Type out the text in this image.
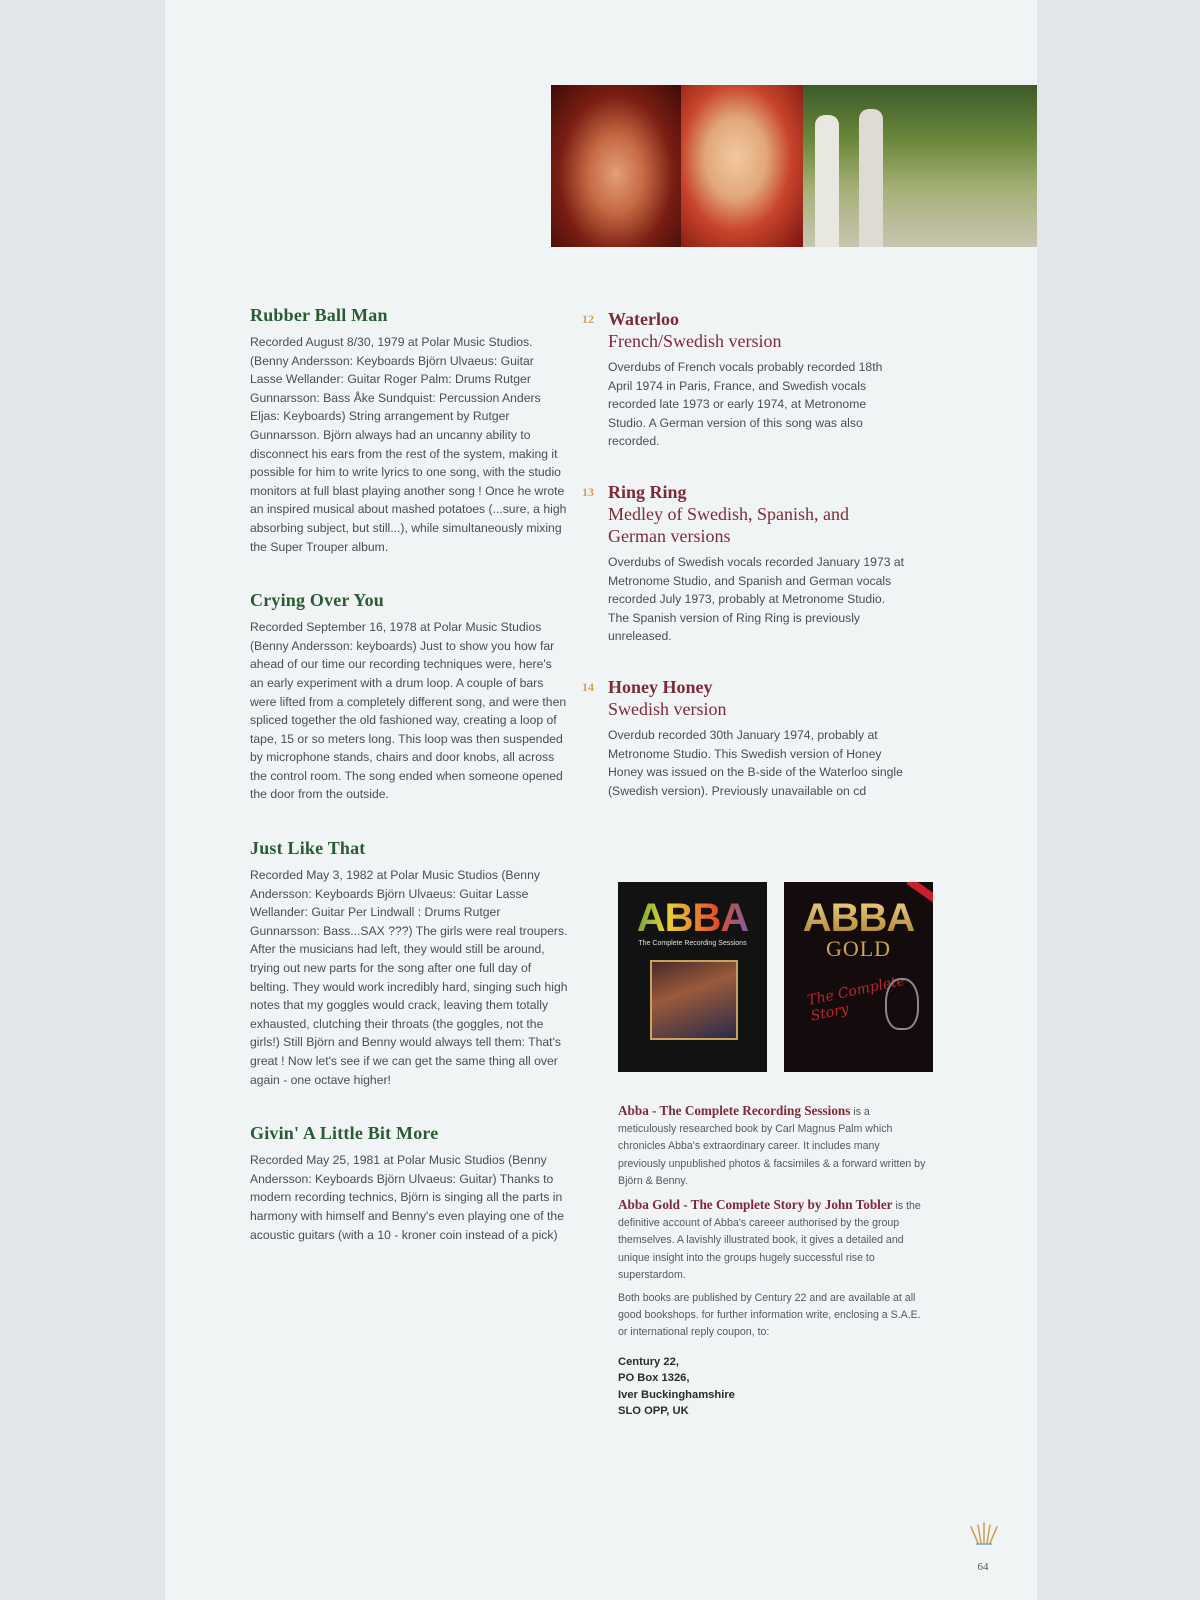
Rubber Ball Man

Recorded August 8/30, 1979 at Polar Music Studios. (Benny Andersson: Keyboards Björn Ulvaeus: Guitar Lasse Wellander: Guitar Roger Palm: Drums Rutger Gunnarsson: Bass Åke Sundquist: Percussion Anders Eljas: Keyboards) String arrangement by Rutger Gunnarsson. Björn always had an uncanny ability to disconnect his ears from the rest of the system, making it possible for him to write lyrics to one song, with the studio monitors at full blast playing another song ! Once he wrote an inspired musical about mashed potatoes (...sure, a high absorbing subject, but still...), while simultaneously mixing the Super Trouper album.

Crying Over You

Recorded September 16, 1978 at Polar Music Studios (Benny Andersson: keyboards) Just to show you how far ahead of our time our recording techniques were, here's an early experiment with a drum loop. A couple of bars were lifted from a completely different song, and were then spliced together the old fashioned way, creating a loop of tape, 15 or so meters long. This loop was then suspended by microphone stands, chairs and door knobs, all across the control room. The song ended when someone opened the door from the outside.

Just Like That

Recorded May 3, 1982 at Polar Music Studios (Benny Andersson: Keyboards Björn Ulvaeus: Guitar Lasse Wellander: Guitar Per Lindwall : Drums Rutger Gunnarsson: Bass...SAX ???) The girls were real troupers. After the musicians had left, they would still be around, trying out new parts for the song after one full day of belting. They would work incredibly hard, singing such high notes that my goggles would crack, leaving them totally exhausted, clutching their throats (the goggles, not the girls!) Still Björn and Benny would always tell them: That's great ! Now let's see if we can get the same thing all over again - one octave higher!

Givin' A Little Bit More

Recorded May 25, 1981 at Polar Music Studios (Benny Andersson: Keyboards Björn Ulvaeus: Guitar) Thanks to modern recording technics, Björn is singing all the parts in harmony with himself and Benny's even playing one of the acoustic guitars (with a 10 - kroner coin instead of a pick)

12 Waterloo
French/Swedish version

Overdubs of French vocals probably recorded 18th April 1974 in Paris, France, and Swedish vocals recorded late 1973 or early 1974, at Metronome Studio. A German version of this song was also recorded.

13 Ring Ring
Medley of Swedish, Spanish, and German versions

Overdubs of Swedish vocals recorded January 1973 at Metronome Studio, and Spanish and German vocals recorded July 1973, probably at Metronome Studio. The Spanish version of Ring Ring is previously unreleased.

14 Honey Honey
Swedish version

Overdub recorded 30th January 1974, probably at Metronome Studio. This Swedish version of Honey Honey was issued on the B-side of the Waterloo single (Swedish version). Previously unavailable on cd

ABBA
The Complete Recording Sessions
ABBA
GOLD
The Complete Story

Abba - The Complete Recording Sessions is a meticulously researched book by Carl Magnus Palm which chronicles Abba's extraordinary career. It includes many previously unpublished photos & facsimiles & a forward written by Björn & Benny.

Abba Gold - The Complete Story by John Tobler is the definitive account of Abba's careeer authorised by the group themselves. A lavishly illustrated book, it gives a detailed and unique insight into the groups hugely successful rise to superstardom.

Both books are published by Century 22 and are available at all good bookshops. for further information write, enclosing a S.A.E. or international reply coupon, to:

Century 22,
PO Box 1326,
Iver Buckinghamshire
SLO OPP, UK
64
